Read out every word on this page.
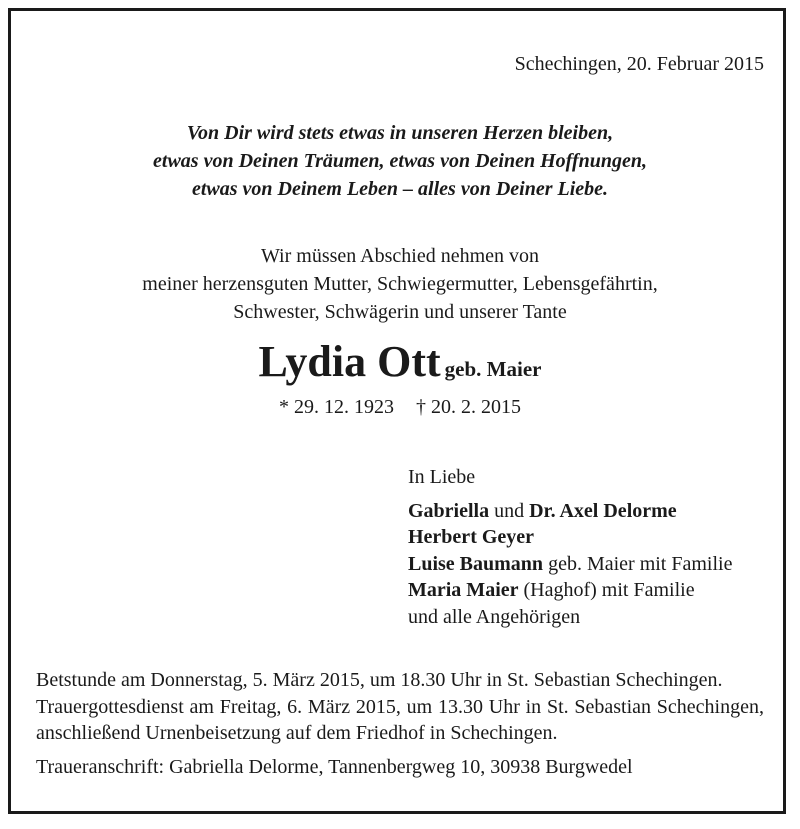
Schechingen, 20. Februar 2015
Von Dir wird stets etwas in unseren Herzen bleiben,
etwas von Deinen Träumen, etwas von Deinen Hoffnungen,
etwas von Deinem Leben – alles von Deiner Liebe.
Wir müssen Abschied nehmen von
meiner herzensguten Mutter, Schwiegermutter, Lebensgefährtin,
Schwester, Schwägerin und unserer Tante
Lydia Ott geb. Maier
* 29. 12. 1923 † 20. 2. 2015
In Liebe
Gabriella und Dr. Axel Delorme
Herbert Geyer
Luise Baumann geb. Maier mit Familie
Maria Maier (Haghof) mit Familie
und alle Angehörigen

Betstunde am Donnerstag, 5. März 2015, um 18.30 Uhr in St. Sebastian Schechingen.

Trauergottesdienst am Freitag, 6. März 2015, um 13.30 Uhr in St. Sebastian Schechingen, anschließend Urnenbeisetzung auf dem Friedhof in Schechingen.

Traueranschrift: Gabriella Delorme, Tannenbergweg 10, 30938 Burgwedel
